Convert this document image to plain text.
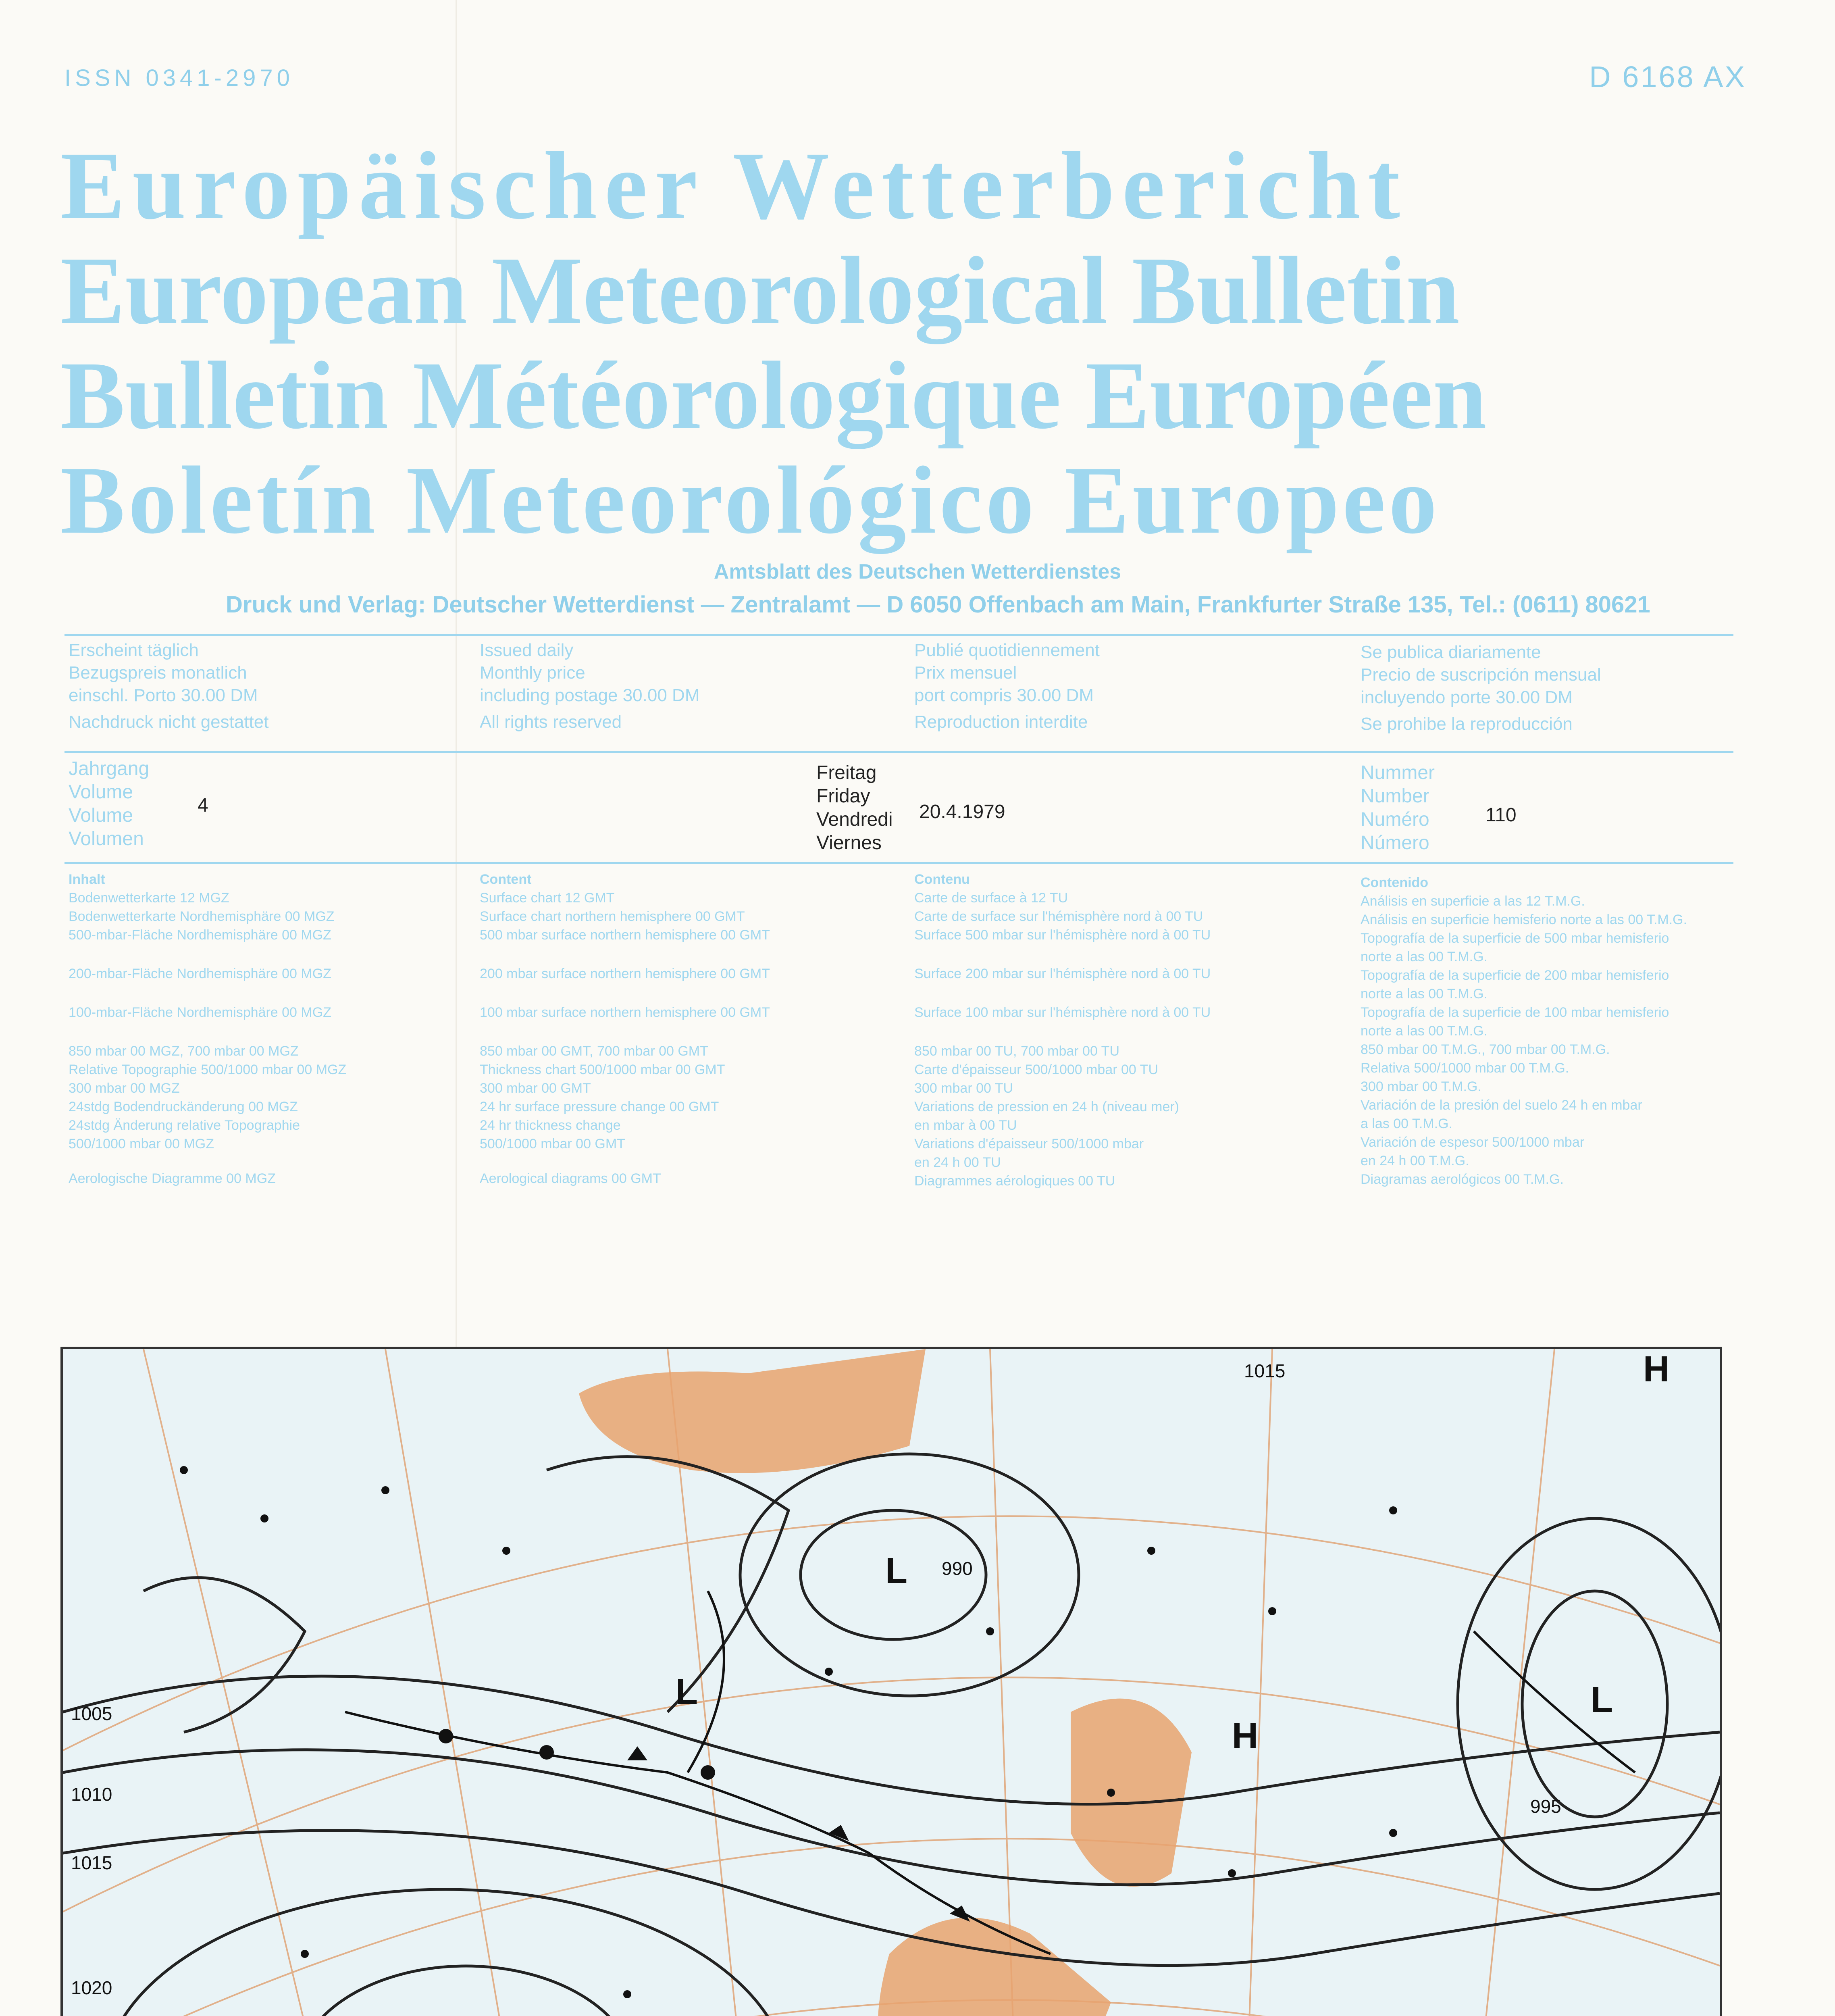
ISSN 0341-2970	D 6168 AX
Europäischer Wetterbericht
European Meteorological Bulletin
Bulletin Météorologique Européen
Boletín Meteorológico Europeo
Amtsblatt des Deutschen Wetterdienstes
Druck und Verlag: Deutscher Wetterdienst — Zentralamt — D 6050 Offenbach am Main, Frankfurter Straße 135, Tel.: (0611) 80621
Erscheint täglich
Bezugspreis monatlich
einschl. Porto 30.00 DM
Nachdruck nicht gestattet
Issued daily
Monthly price
including postage 30.00 DM
All rights reserved
Publié quotidiennement
Prix mensuel
port compris 30.00 DM
Reproduction interdite
Se publica diariamente
Precio de suscripción mensual
incluyendo porte 30.00 DM
Se prohibe la reproducción
Jahrgang
Volume
Volume
Volumen
4
Freitag
Friday
Vendredi
Viernes
20.4.1979
Nummer
Number
Numéro
Número
110
Inhalt
Bodenwetterkarte 12 MGZ
Bodenwetterkarte Nordhemisphäre 00 MGZ
500-mbar-Fläche Nordhemisphäre 00 MGZ
200-mbar-Fläche Nordhemisphäre 00 MGZ
100-mbar-Fläche Nordhemisphäre 00 MGZ
850 mbar 00 MGZ, 700 mbar 00 MGZ
Relative Topographie 500/1000 mbar 00 MGZ
300 mbar 00 MGZ
24stdg Bodendruckänderung 00 MGZ
24stdg Änderung relative Topographie
500/1000 mbar 00 MGZ
Aerologische Diagramme 00 MGZ
Content
Surface chart 12 GMT
Surface chart northern hemisphere 00 GMT
500 mbar surface northern hemisphere 00 GMT
200 mbar surface northern hemisphere 00 GMT
100 mbar surface northern hemisphere 00 GMT
850 mbar 00 GMT, 700 mbar 00 GMT
Thickness chart 500/1000 mbar 00 GMT
300 mbar 00 GMT
24 hr surface pressure change 00 GMT
24 hr thickness change
500/1000 mbar 00 GMT
Aerological diagrams 00 GMT
Contenu
Carte de surface à 12 TU
Carte de surface sur l'hémisphère nord à 00 TU
Surface 500 mbar sur l'hémisphère nord à 00 TU
Surface 200 mbar sur l'hémisphère nord à 00 TU
Surface 100 mbar sur l'hémisphère nord à 00 TU
850 mbar 00 TU, 700 mbar 00 TU
Carte d'épaisseur 500/1000 mbar 00 TU
300 mbar 00 TU
Variations de pression en 24 h (niveau mer)
en mbar à 00 TU
Variations d'épaisseur 500/1000 mbar
en 24 h 00 TU
Diagrammes aérologiques 00 TU
Contenido
Análisis en superficie a las 12 T.M.G.
Análisis en superficie hemisferio norte a las 00 T.M.G.
Topografía de la superficie de 500 mbar hemisferio
norte a las 00 T.M.G.
Topografía de la superficie de 200 mbar hemisferio
norte a las 00 T.M.G.
Topografía de la superficie de 100 mbar hemisferio
norte a las 00 T.M.G.
850 mbar 00 T.M.G., 700 mbar 00 T.M.G.
Relativa 500/1000 mbar 00 T.M.G.
300 mbar 00 T.M.G.
Variación de la presión del suelo 24 h en mbar
a las 00 T.M.G.
Variación de espesor 500/1000 mbar
en 24 h 00 T.M.G.
Diagramas aerológicos 00 T.M.G.
1010
1005
1015
1020
995
990
1015
L
H
L	L
H
